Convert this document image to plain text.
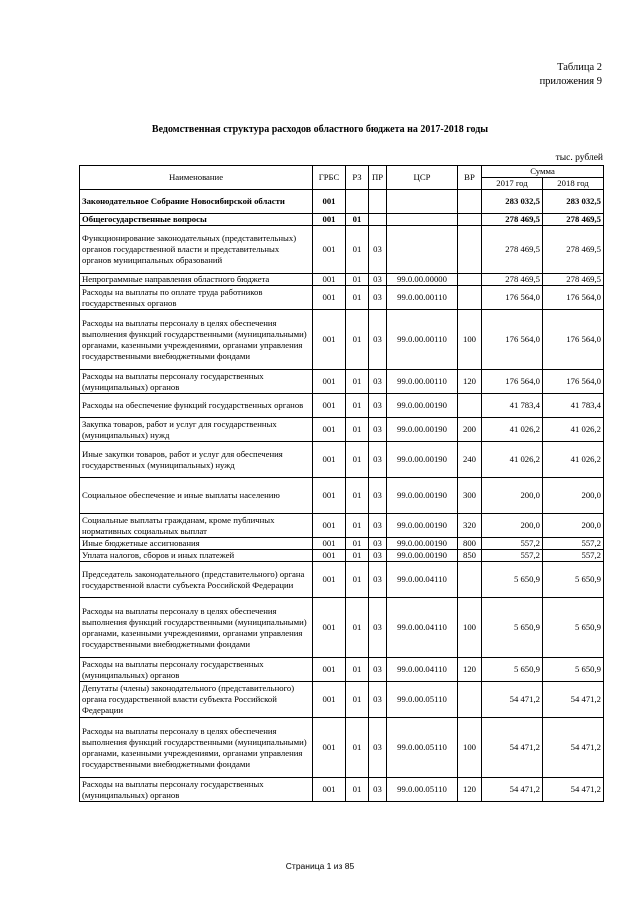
Таблица 2
приложения 9
Ведомственная структура расходов областного бюджета на 2017-2018 годы
тыс. рублей
Наименование	ГРБС	РЗ	ПР	ЦСР	ВР	Сумма	
						2017 год	2018 год
Законодательное Собрание Новосибирской области	001					283 032,5	283 032,5
Общегосударственные вопросы	001	01				278 469,5	278 469,5
Функционирование законодательных (представительных) органов государственной власти и представительных органов муниципальных образований	001	01	03			278 469,5	278 469,5
Непрограммные направления областного бюджета	001	01	03	99.0.00.00000		278 469,5	278 469,5
Расходы на выплаты по оплате труда работников государственных органов	001	01	03	99.0.00.00110		176 564,0	176 564,0
Расходы на выплаты персоналу в целях обеспечения выполнения функций государственными (муниципальными) органами, казенными учреждениями, органами управления государственными внебюджетными фондами	001	01	03	99.0.00.00110	100	176 564,0	176 564,0
Расходы на выплаты персоналу государственных (муниципальных) органов	001	01	03	99.0.00.00110	120	176 564,0	176 564,0
Расходы на обеспечение функций государственных органов	001	01	03	99.0.00.00190		41 783,4	41 783,4
Закупка товаров, работ и услуг для государственных (муниципальных) нужд	001	01	03	99.0.00.00190	200	41 026,2	41 026,2
Иные закупки товаров, работ и услуг для обеспечения государственных (муниципальных) нужд	001	01	03	99.0.00.00190	240	41 026,2	41 026,2
Социальное обеспечение и иные выплаты населению	001	01	03	99.0.00.00190	300	200,0	200,0
Социальные выплаты гражданам, кроме публичных нормативных социальных выплат	001	01	03	99.0.00.00190	320	200,0	200,0
Иные бюджетные ассигнования	001	01	03	99.0.00.00190	800	557,2	557,2
Уплата налогов, сборов и иных платежей	001	01	03	99.0.00.00190	850	557,2	557,2
Председатель законодательного (представительного) органа государственной власти субъекта Российской Федерации	001	01	03	99.0.00.04110		5 650,9	5 650,9
Расходы на выплаты персоналу в целях обеспечения выполнения функций государственными (муниципальными) органами, казенными учреждениями, органами управления государственными внебюджетными фондами	001	01	03	99.0.00.04110	100	5 650,9	5 650,9
Расходы на выплаты персоналу государственных (муниципальных) органов	001	01	03	99.0.00.04110	120	5 650,9	5 650,9
Депутаты (члены) законодательного (представительного) органа государственной власти субъекта Российской Федерации	001	01	03	99.0.00.05110		54 471,2	54 471,2
Расходы на выплаты персоналу в целях обеспечения выполнения функций государственными (муниципальными) органами, казенными учреждениями, органами управления государственными внебюджетными фондами	001	01	03	99.0.00.05110	100	54 471,2	54 471,2
Расходы на выплаты персоналу государственных (муниципальных) органов	001	01	03	99.0.00.05110	120	54 471,2	54 471,2
Страница 1 из 85
